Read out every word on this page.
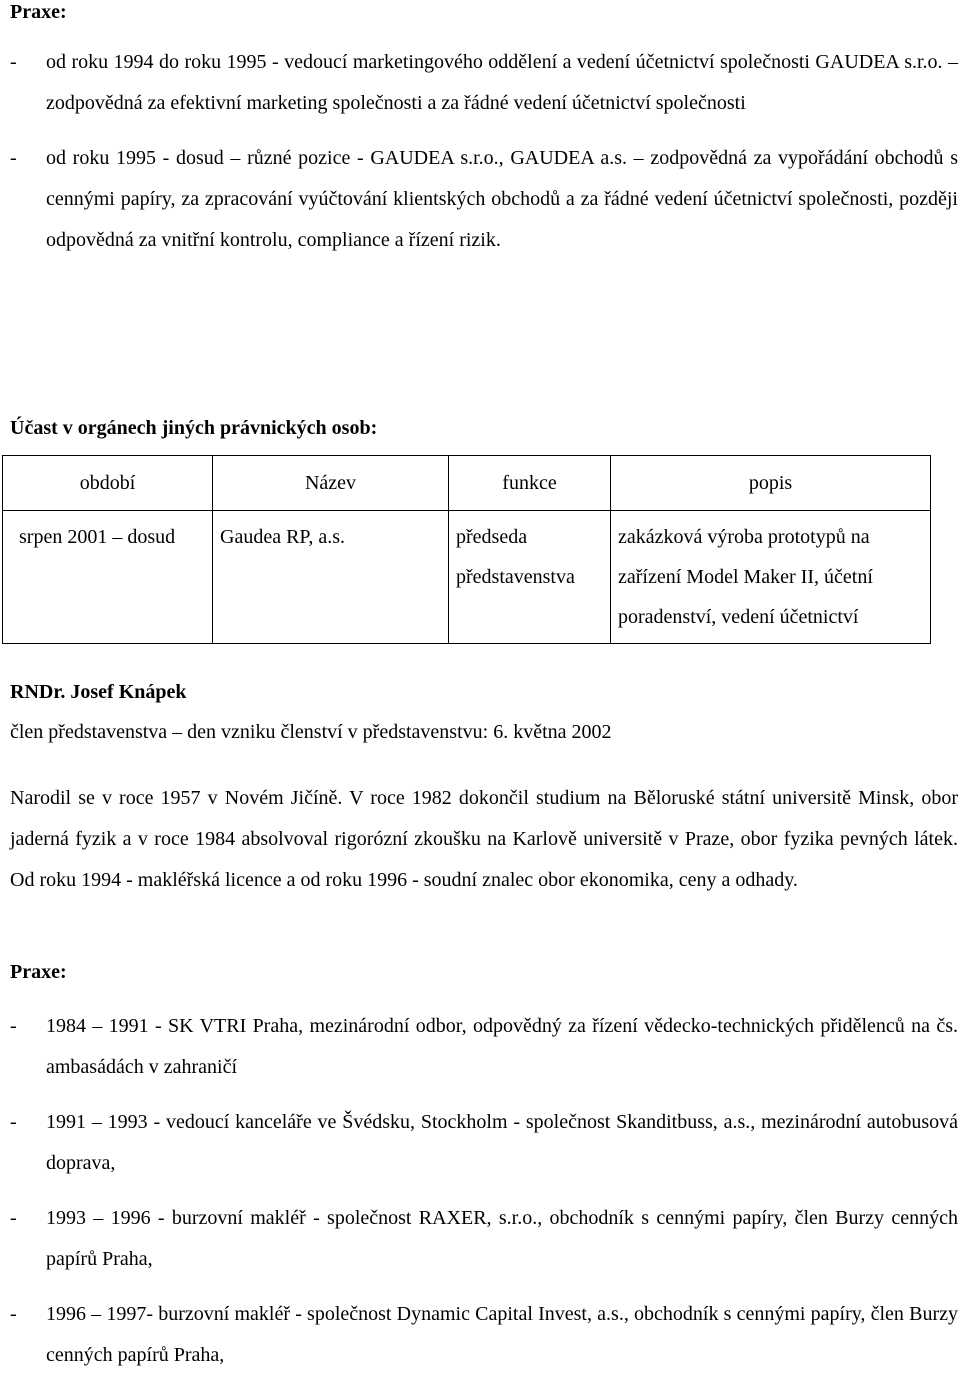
Praxe:

- od roku 1994 do roku 1995 - vedoucí marketingového oddělení a vedení účetnictví společnosti GAUDEA s.r.o. – zodpovědná za efektivní marketing společnosti a za řádné vedení účetnictví společnosti

- od roku 1995 - dosud – různé pozice - GAUDEA s.r.o., GAUDEA a.s. – zodpovědná za vypořádání obchodů s cennými papíry, za zpracování vyúčtování klientských obchodů a za řádné vedení účetnictví společnosti, později odpovědná za vnitřní kontrolu, compliance a řízení rizik.

Účast v orgánech jiných právnických osob:

období	Název	funkce	popis
srpen 2001 – dosud	Gaudea RP, a.s.	předseda představenstva	zakázková výroba prototypů na zařízení Model Maker II, účetní poradenství, vedení účetnictví

RNDr. Josef Knápek

člen představenstva – den vzniku členství v představenstvu: 6. května 2002

Narodil se v roce 1957 v Novém Jičíně. V roce 1982 dokončil studium na Běloruské státní universitě Minsk, obor jaderná fyzik a v roce 1984 absolvoval rigorózní zkoušku na Karlově universitě v Praze, obor fyzika pevných látek. Od roku 1994 - makléřská licence a od roku 1996 - soudní znalec obor ekonomika, ceny a odhady.

Praxe:

- 1984 – 1991 - SK VTRI Praha, mezinárodní odbor, odpovědný za řízení vědecko-technických přidělenců na čs. ambasádách v zahraničí

- 1991 – 1993 - vedoucí kanceláře ve Švédsku, Stockholm - společnost Skanditbuss, a.s., mezinárodní autobusová doprava,

- 1993 – 1996 - burzovní makléř - společnost RAXER, s.r.o., obchodník s cennými papíry, člen Burzy cenných papírů Praha,

- 1996 – 1997- burzovní makléř - společnost Dynamic Capital Invest, a.s., obchodník s cennými papíry, člen Burzy cenných papírů Praha,
